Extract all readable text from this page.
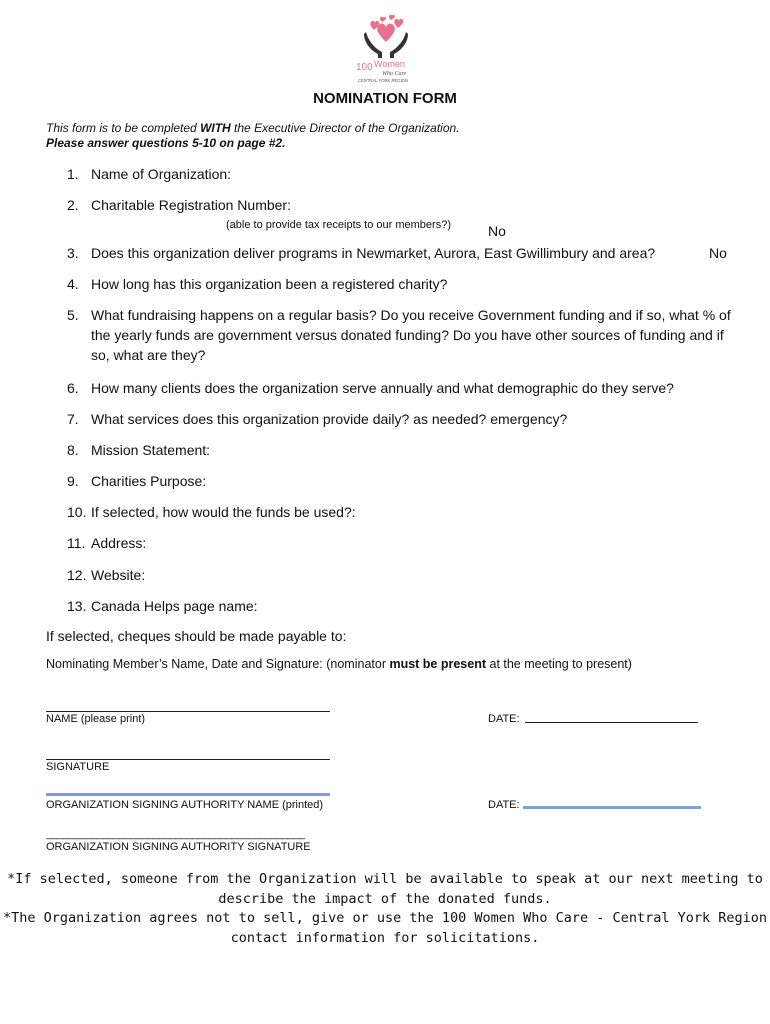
100 Women
Who Care
CENTRAL YORK REGION
NOMINATION FORM
This form is to be completed WITH the Executive Director of the Organization.
Please answer questions 5-10 on page #2.
1. Name of Organization:
2. Charitable Registration Number:
(able to provide tax receipts to our members?)	No
3. Does this organization deliver programs in Newmarket, Aurora, East Gwillimbury and area?	No
4. How long has this organization been a registered charity?
5. What fundraising happens on a regular basis? Do you receive Government funding and if so, what % of the yearly funds are government versus donated funding? Do you have other sources of funding and if so, what are they?
6. How many clients does the organization serve annually and what demographic do they serve?
7. What services does this organization provide daily? as needed? emergency?
8. Mission Statement:
9. Charities Purpose:
10. If selected, how would the funds be used?:
11. Address:
12. Website:
13. Canada Helps page name:
If selected, cheques should be made payable to:
Nominating Member’s Name, Date and Signature: (nominator must be present at the meeting to present)
NAME (please print)	DATE:
SIGNATURE
ORGANIZATION SIGNING AUTHORITY NAME (printed)	DATE:
______________________________________________
ORGANIZATION SIGNING AUTHORITY SIGNATURE
*If selected, someone from the Organization will be available to speak at our next meeting to
describe the impact of the donated funds.
*The Organization agrees not to sell, give or use the 100 Women Who Care - Central York Region
contact information for solicitations.
